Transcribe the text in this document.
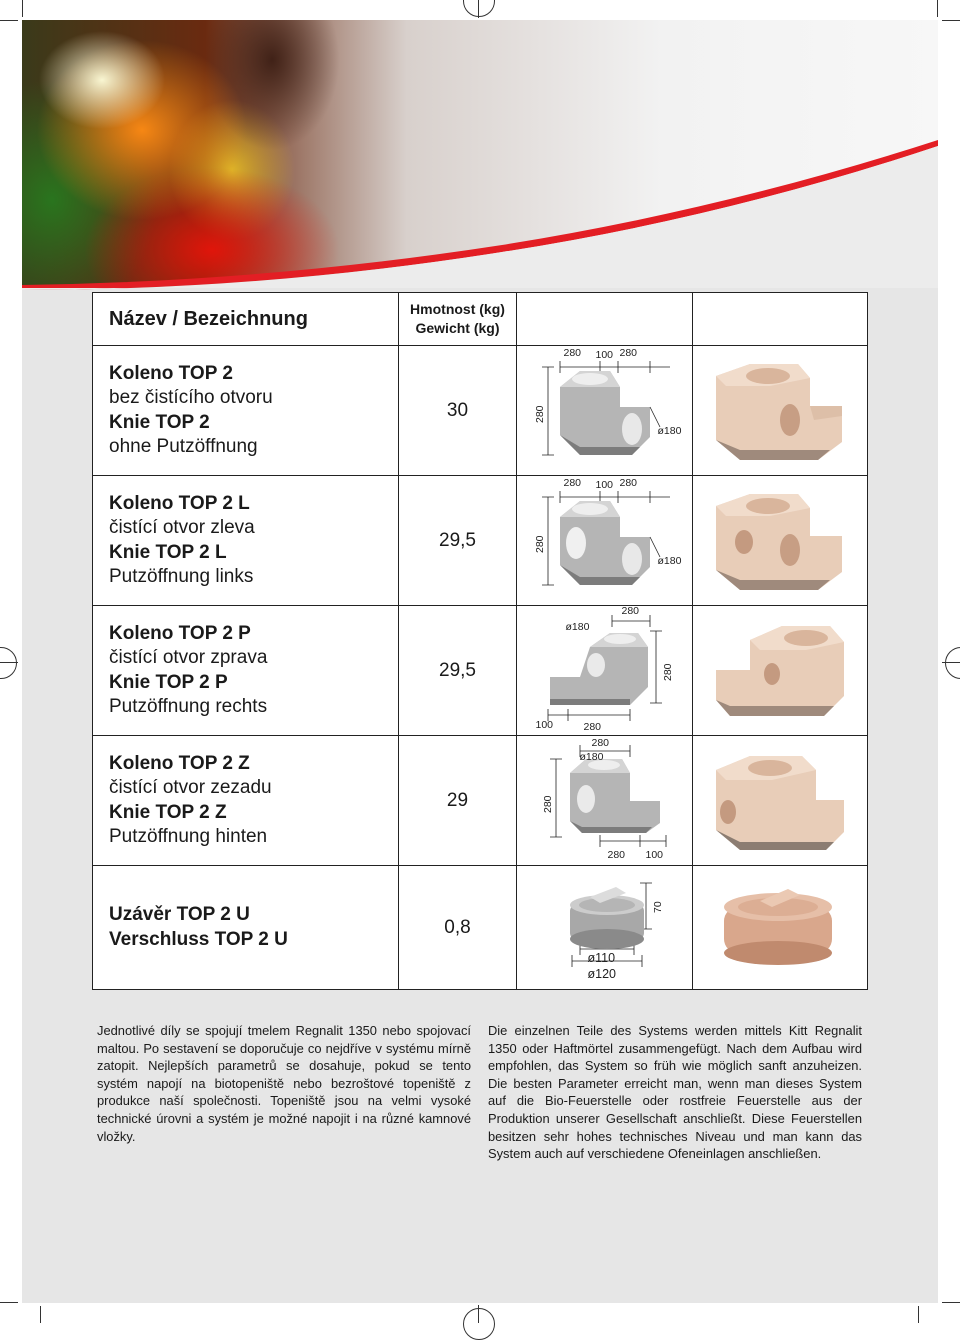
Název / Bezeichnung	Hmotnost (kg)
Gewicht (kg)		

Koleno TOP 2
bez čistícího otvoru
Knie TOP 2
ohne Putzöffnung	30	280 100 280
280
ø180

Koleno TOP 2 L
čistící otvor zleva
Knie TOP 2 L
Putzöffnung links	29,5	280 100 280
280
ø180

Koleno TOP 2 P
čistící otvor zprava
Knie TOP 2 P
Putzöffnung rechts	29,5	280
ø180
280
100 280

Koleno TOP 2 Z
čistící otvor zezadu
Knie TOP 2 Z
Putzöffnung hinten	29	280
ø180
280
280 100

Uzávěr TOP 2 U
Verschluss TOP 2 U	0,8	70
ø110
ø120

Jednotlivé díly se spojují tmelem Regnalit 1350 nebo spojovací maltou. Po sestavení se doporučuje co nejdříve v systému mírně zatopit. Nejlepších parametrů se dosahuje, pokud se tento systém napojí na biotopeniště nebo bezroštové topeniště z produkce naší společnosti. Topeniště jsou na velmi vysoké technické úrovni a systém je možné napojit i na různé kamnové vložky.
Die einzelnen Teile des Systems werden mittels Kitt Regnalit 1350 oder Haftmörtel zusammengefügt. Nach dem Aufbau wird empfohlen, das System so früh wie möglich sanft anzuheizen. Die besten Parameter erreicht man, wenn man dieses System auf die Bio-Feuerstelle oder rostfreie Feuerstelle aus der Produktion unserer Gesellschaft anschließt. Diese Feuerstellen besitzen sehr hohes technisches Niveau und man kann das System auch auf verschiedene Ofeneinlagen anschließen.
